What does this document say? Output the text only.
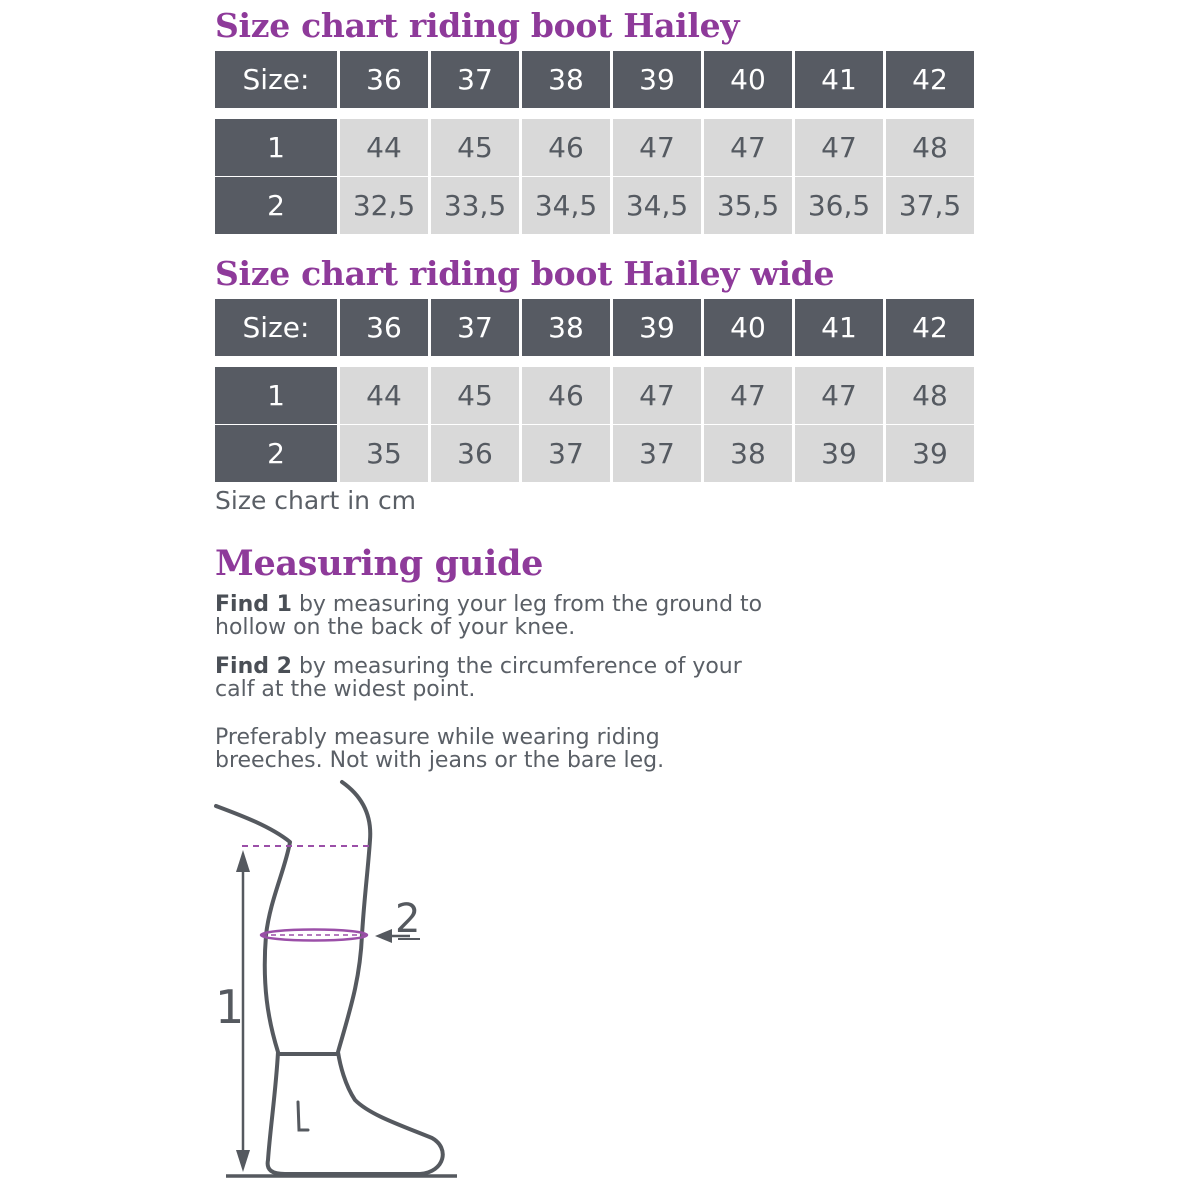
Size chart riding boot Hailey
Size:	36	37	38	39	40	41	42
1	44	45	46	47	47	47	48
2	32,5	33,5	34,5	34,5	35,5	36,5	37,5
Size chart riding boot Hailey wide
Size:	36	37	38	39	40	41	42
1	44	45	46	47	47	47	48
2	35	36	37	37	38	39	39
Size chart in cm
Measuring guide
Find 1 by measuring your leg from the ground to hollow on the back of your knee.
Find 2 by measuring the circumference of your calf at the widest point.
Preferably measure while wearing riding breeches. Not with jeans or the bare leg.
2
1
